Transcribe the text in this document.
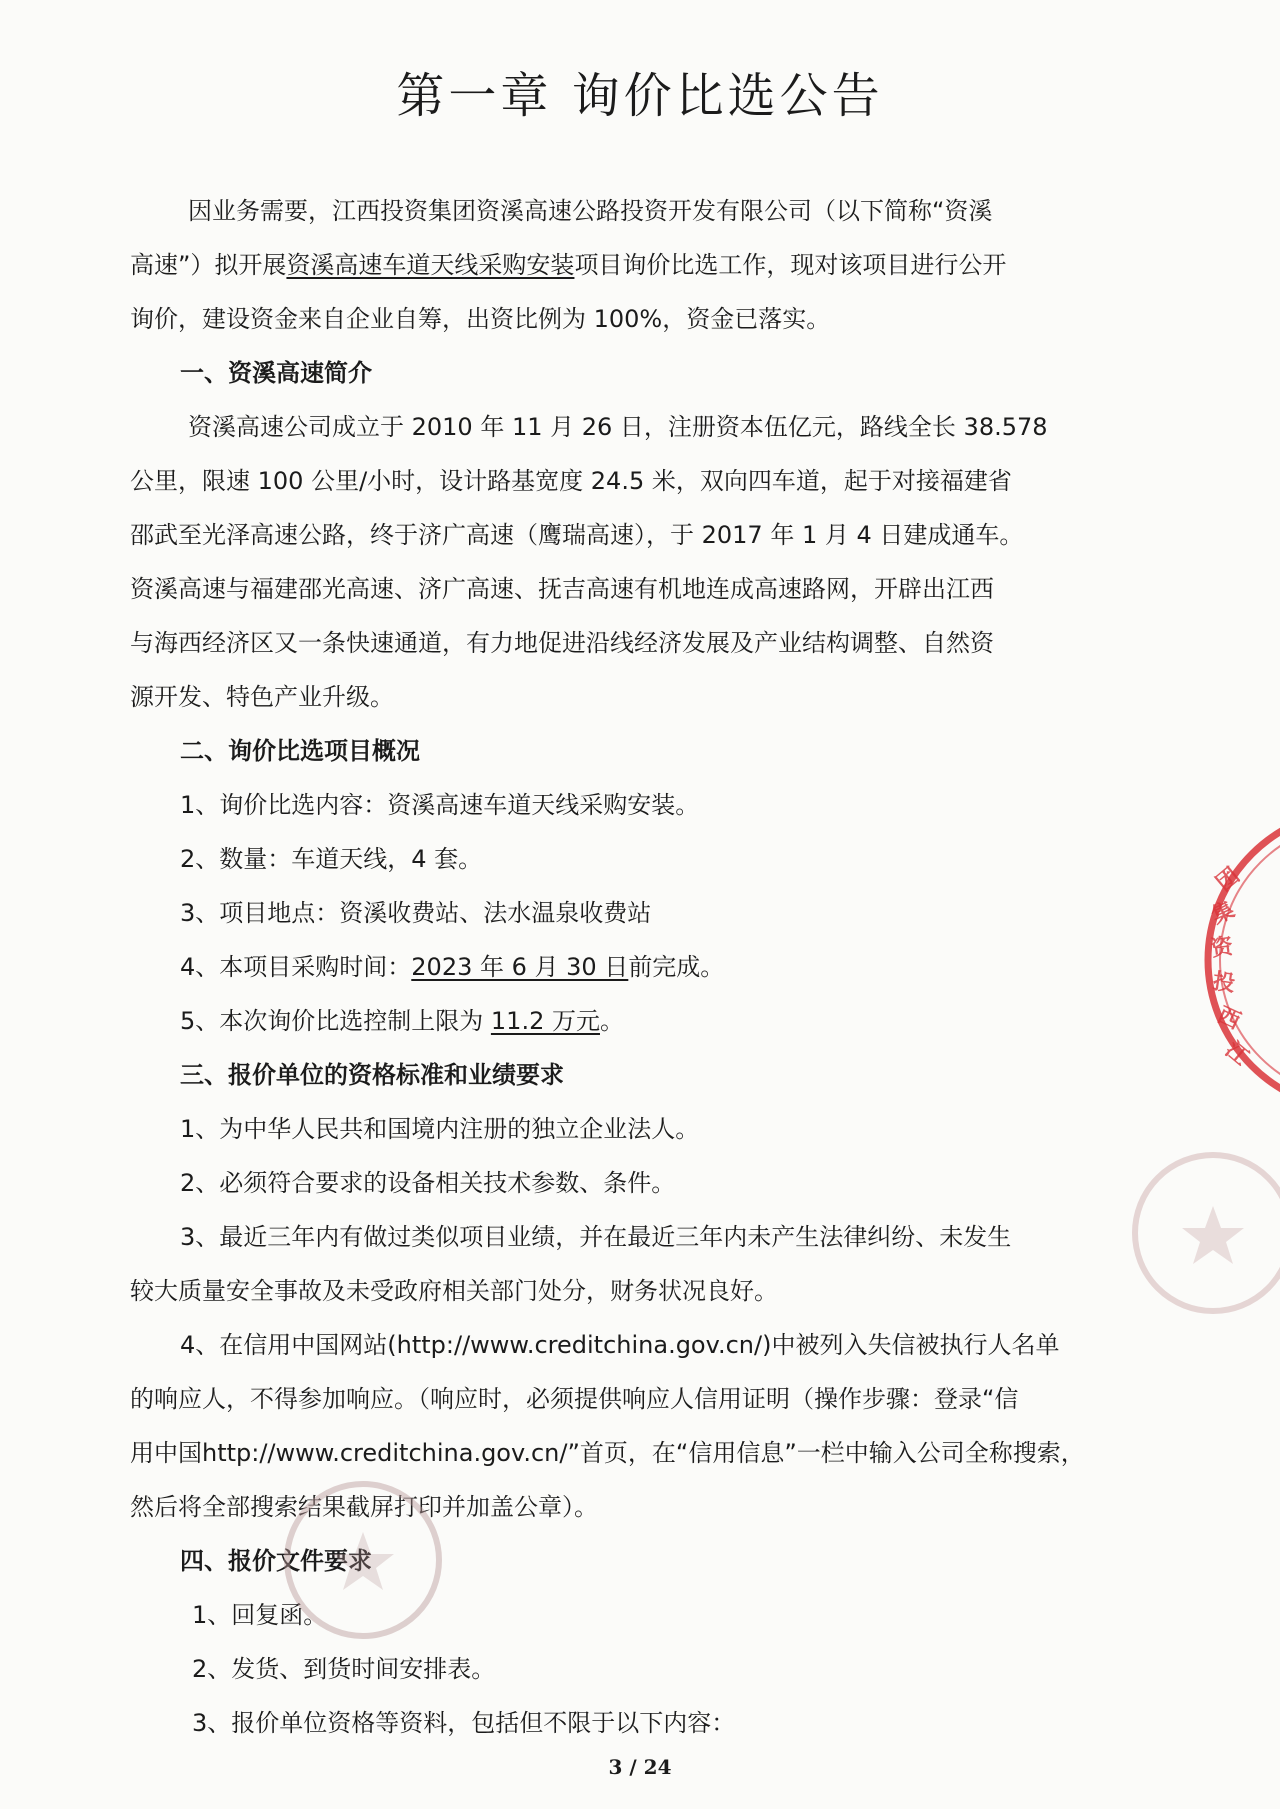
第一章 询价比选公告
因业务需要，江西投资集团资溪高速公路投资开发有限公司（以下简称“资溪
高速”）拟开展资溪高速车道天线采购安装项目询价比选工作，现对该项目进行公开
询价，建设资金来自企业自筹，出资比例为 100%，资金已落实。
一、资溪高速简介
资溪高速公司成立于 2010 年 11 月 26 日，注册资本伍亿元，路线全长 38.578
公里，限速 100 公里/小时，设计路基宽度 24.5 米，双向四车道，起于对接福建省
邵武至光泽高速公路，终于济广高速（鹰瑞高速），于 2017 年 1 月 4 日建成通车。
资溪高速与福建邵光高速、济广高速、抚吉高速有机地连成高速路网，开辟出江西
与海西经济区又一条快速通道，有力地促进沿线经济发展及产业结构调整、自然资
源开发、特色产业升级。
二、询价比选项目概况
1、询价比选内容：资溪高速车道天线采购安装。
2、数量：车道天线，4 套。
3、项目地点：资溪收费站、法水温泉收费站
4、本项目采购时间：2023 年 6 月 30 日前完成。
5、本次询价比选控制上限为 11.2 万元。
三、报价单位的资格标准和业绩要求
1、为中华人民共和国境内注册的独立企业法人。
2、必须符合要求的设备相关技术参数、条件。
3、最近三年内有做过类似项目业绩，并在最近三年内未产生法律纠纷、未发生
较大质量安全事故及未受政府相关部门处分，财务状况良好。
4、在信用中国网站(http://www.creditchina.gov.cn/)中被列入失信被执行人名单
的响应人，不得参加响应。（响应时，必须提供响应人信用证明（操作步骤：登录“信
用中国http://www.creditchina.gov.cn/”首页，在“信用信息”一栏中输入公司全称搜索，
然后将全部搜索结果截屏打印并加盖公章）。
四、报价文件要求
1、回复函。
2、发货、到货时间安排表。
3、报价单位资格等资料，包括但不限于以下内容：
3 / 24
团
集
资
投
西
江
